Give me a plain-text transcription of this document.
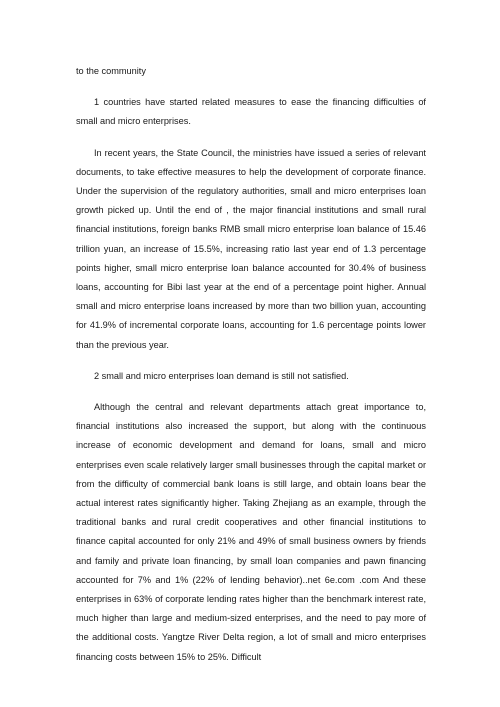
to the community

1 countries have started related measures to ease the financing difficulties of small and micro enterprises.

In recent years, the State Council, the ministries have issued a series of relevant documents, to take effective measures to help the development of corporate finance. Under the supervision of the regulatory authorities, small and micro enterprises loan growth picked up. Until the end of , the major financial institutions and small rural financial institutions, foreign banks RMB small micro enterprise loan balance of 15.46 trillion yuan, an increase of 15.5%, increasing ratio last year end of 1.3 percentage points higher, small micro enterprise loan balance accounted for 30.4% of business loans, accounting for Bibi last year at the end of a percentage point higher. Annual small and micro enterprise loans increased by more than two billion yuan, accounting for 41.9% of incremental corporate loans, accounting for 1.6 percentage points lower than the previous year.

2 small and micro enterprises loan demand is still not satisfied.

Although the central and relevant departments attach great importance to, financial institutions also increased the support, but along with the continuous increase of economic development and demand for loans, small and micro enterprises even scale relatively larger small businesses through the capital market or from the difficulty of commercial bank loans is still large, and obtain loans bear the actual interest rates significantly higher. Taking Zhejiang as an example, through the traditional banks and rural credit cooperatives and other financial institutions to finance capital accounted for only 21% and 49% of small business owners by friends and family and private loan financing, by small loan companies and pawn financing accounted for 7% and 1% (22% of lending behavior)..net 6e.com .com And these enterprises in 63% of corporate lending rates higher than the benchmark interest rate, much higher than large and medium-sized enterprises, and the need to pay more of the additional costs. Yangtze River Delta region, a lot of small and micro enterprises financing costs between 15% to 25%. Difficult
